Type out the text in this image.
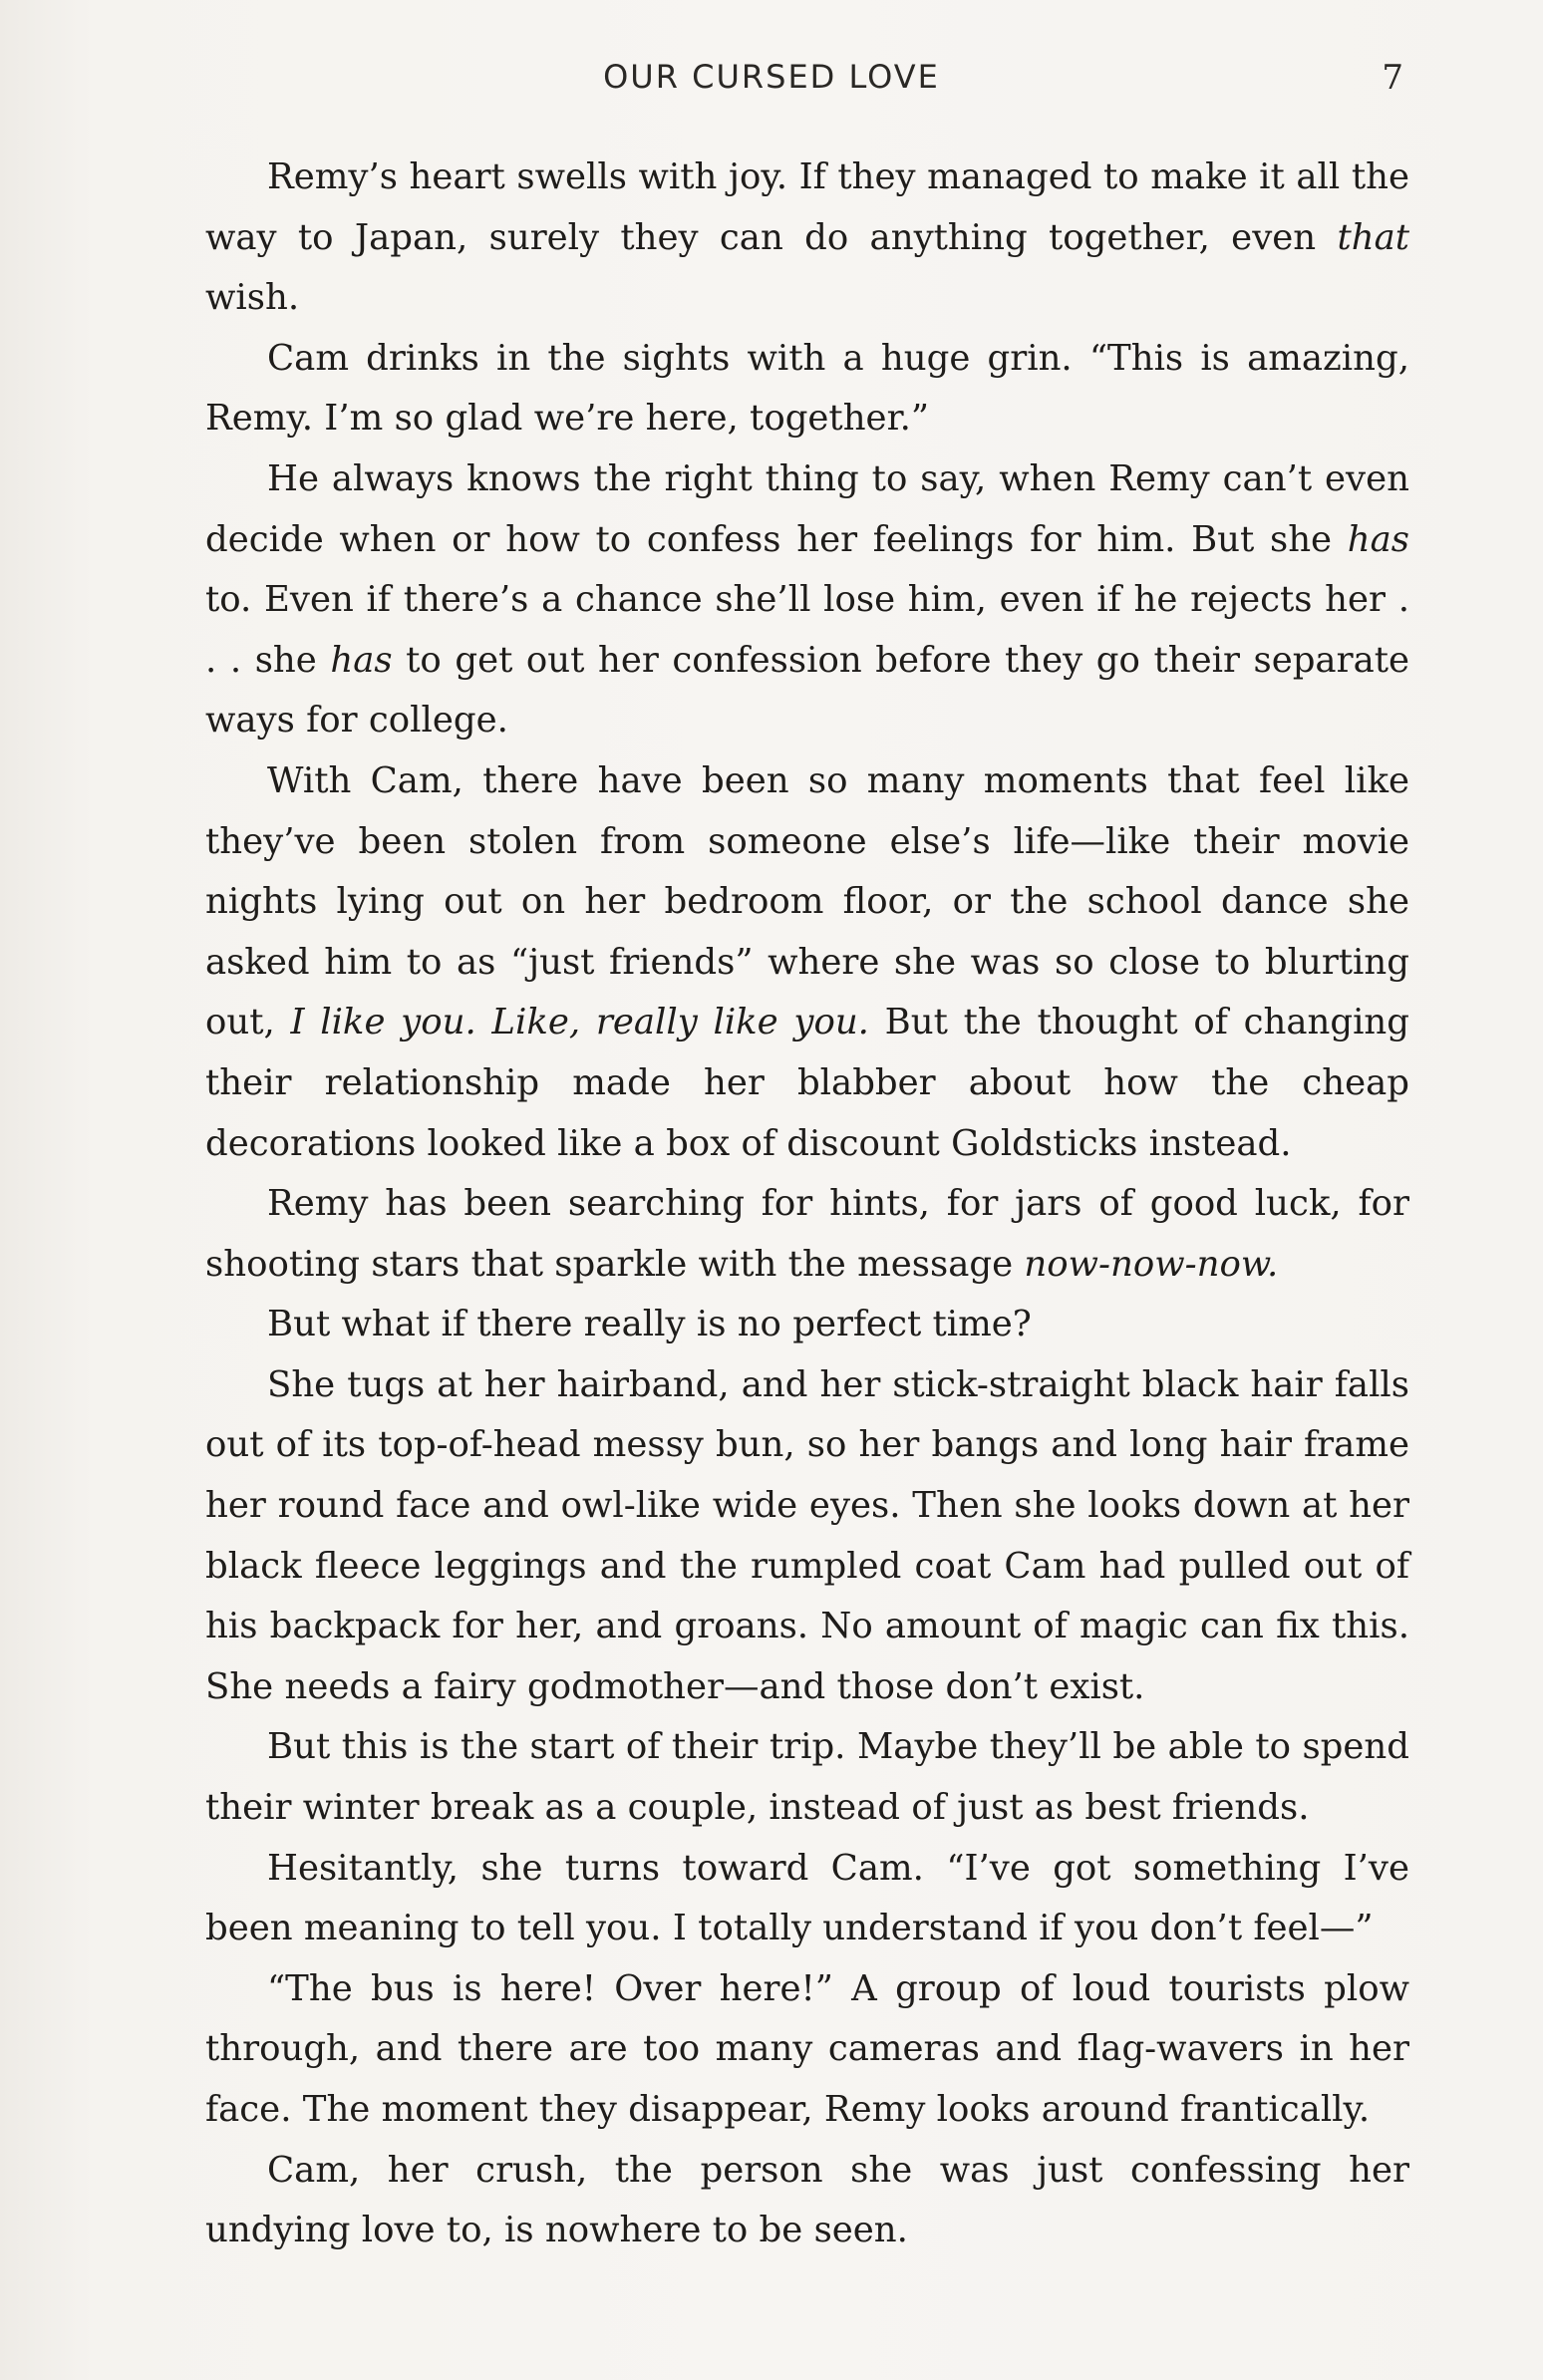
OUR CURSED LOVE	7

Remy’s heart swells with joy. If they managed to make it all the way to Japan, surely they can do anything together, even that wish.

Cam drinks in the sights with a huge grin. “This is amazing, Remy. I’m so glad we’re here, together.”

He always knows the right thing to say, when Remy can’t even decide when or how to confess her feelings for him. But she has to. Even if there’s a chance she’ll lose him, even if he rejects her . . . she has to get out her confession before they go their separate ways for college.

With Cam, there have been so many moments that feel like they’ve been stolen from someone else’s life—like their movie nights lying out on her bedroom floor, or the school dance she asked him to as “just friends” where she was so close to blurting out, I like you. Like, really like you. But the thought of changing their relationship made her blabber about how the cheap decorations looked like a box of discount Goldsticks instead.

Remy has been searching for hints, for jars of good luck, for shooting stars that sparkle with the message now-now-now.

But what if there really is no perfect time?

She tugs at her hairband, and her stick-straight black hair falls out of its top-of-head messy bun, so her bangs and long hair frame her round face and owl-like wide eyes. Then she looks down at her black fleece leggings and the rumpled coat Cam had pulled out of his backpack for her, and groans. No amount of magic can fix this. She needs a fairy godmother—and those don’t exist.

But this is the start of their trip. Maybe they’ll be able to spend their winter break as a couple, instead of just as best friends.

Hesitantly, she turns toward Cam. “I’ve got something I’ve been meaning to tell you. I totally understand if you don’t feel—”

“The bus is here! Over here!” A group of loud tourists plow through, and there are too many cameras and flag-wavers in her face. The moment they disappear, Remy looks around frantically.

Cam, her crush, the person she was just confessing her undying love to, is nowhere to be seen.
